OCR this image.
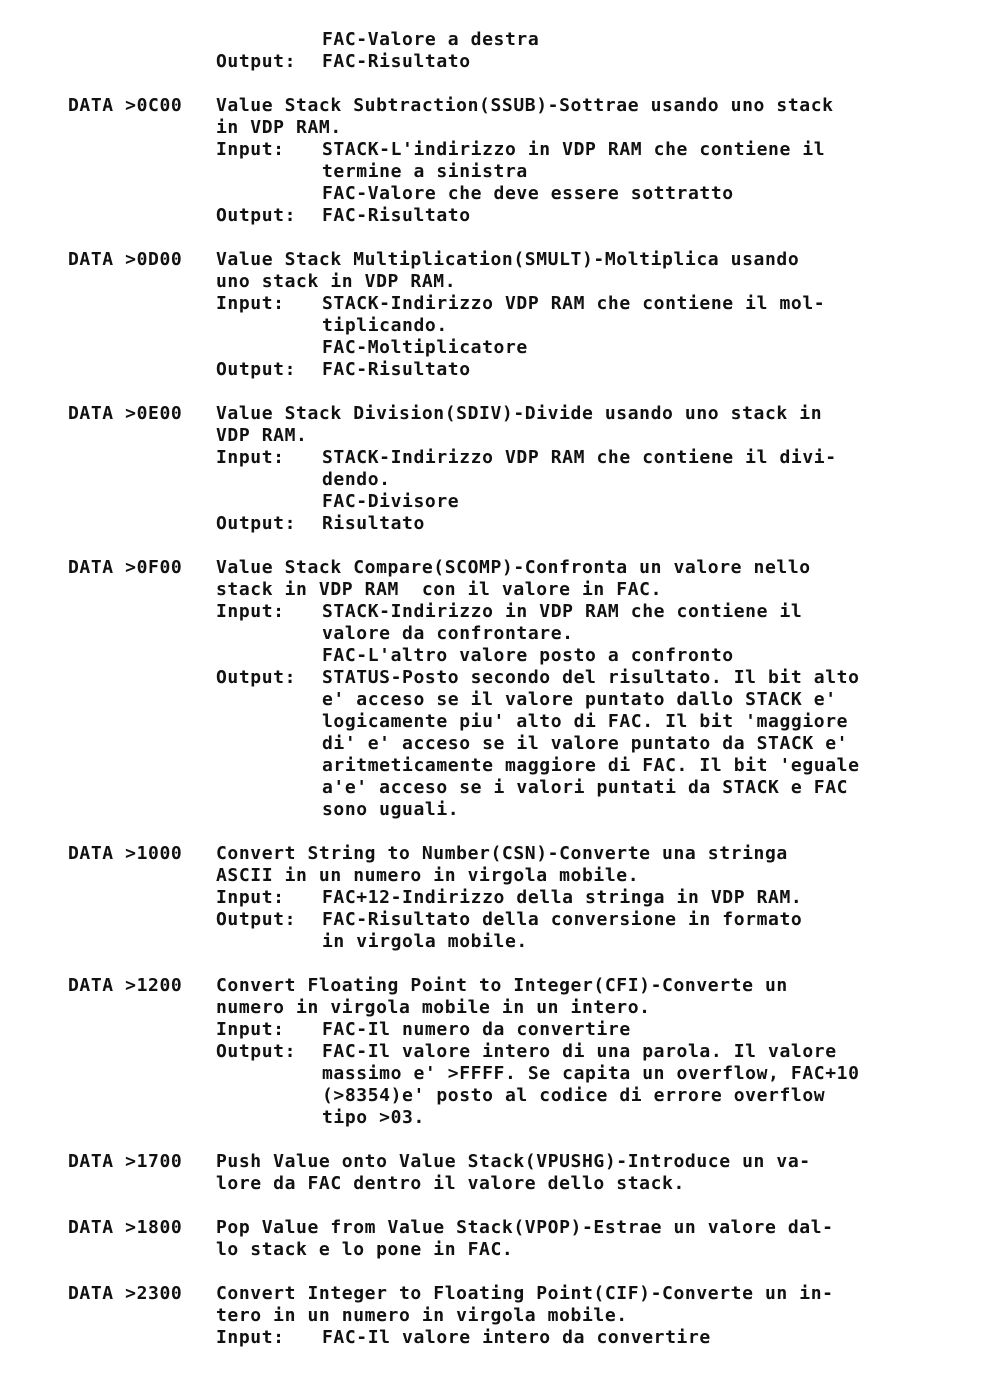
FAC-Valore a destra
Output: FAC-Risultato
DATA >0C00 Value Stack Subtraction(SSUB)-Sottrae usando uno stack
in VDP RAM.
Input: STACK-L'indirizzo in VDP RAM che contiene il
termine a sinistra
FAC-Valore che deve essere sottratto
Output: FAC-Risultato
DATA >0D00 Value Stack Multiplication(SMULT)-Moltiplica usando
uno stack in VDP RAM.
Input: STACK-Indirizzo VDP RAM che contiene il mol-
tiplicando.
FAC-Moltiplicatore
Output: FAC-Risultato
DATA >0E00 Value Stack Division(SDIV)-Divide usando uno stack in
VDP RAM.
Input: STACK-Indirizzo VDP RAM che contiene il divi-
dendo.
FAC-Divisore
Output: Risultato
DATA >0F00 Value Stack Compare(SCOMP)-Confronta un valore nello
stack in VDP RAM  con il valore in FAC.
Input: STACK-Indirizzo in VDP RAM che contiene il
valore da confrontare.
FAC-L'altro valore posto a confronto
Output: STATUS-Posto secondo del risultato. Il bit alto
e' acceso se il valore puntato dallo STACK e'
logicamente piu' alto di FAC. Il bit 'maggiore
di' e' acceso se il valore puntato da STACK e'
aritmeticamente maggiore di FAC. Il bit 'eguale
a'e' acceso se i valori puntati da STACK e FAC
sono uguali.
DATA >1000 Convert String to Number(CSN)-Converte una stringa
ASCII in un numero in virgola mobile.
Input: FAC+12-Indirizzo della stringa in VDP RAM.
Output: FAC-Risultato della conversione in formato
in virgola mobile.
DATA >1200 Convert Floating Point to Integer(CFI)-Converte un
numero in virgola mobile in un intero.
Input: FAC-Il numero da convertire
Output: FAC-Il valore intero di una parola. Il valore
massimo e' >FFFF. Se capita un overflow, FAC+10
(>8354)e' posto al codice di errore overflow
tipo >03.
DATA >1700 Push Value onto Value Stack(VPUSHG)-Introduce un va-
lore da FAC dentro il valore dello stack.
DATA >1800 Pop Value from Value Stack(VPOP)-Estrae un valore dal-
lo stack e lo pone in FAC.
DATA >2300 Convert Integer to Floating Point(CIF)-Converte un in-
tero in un numero in virgola mobile.
Input: FAC-Il valore intero da convertire
